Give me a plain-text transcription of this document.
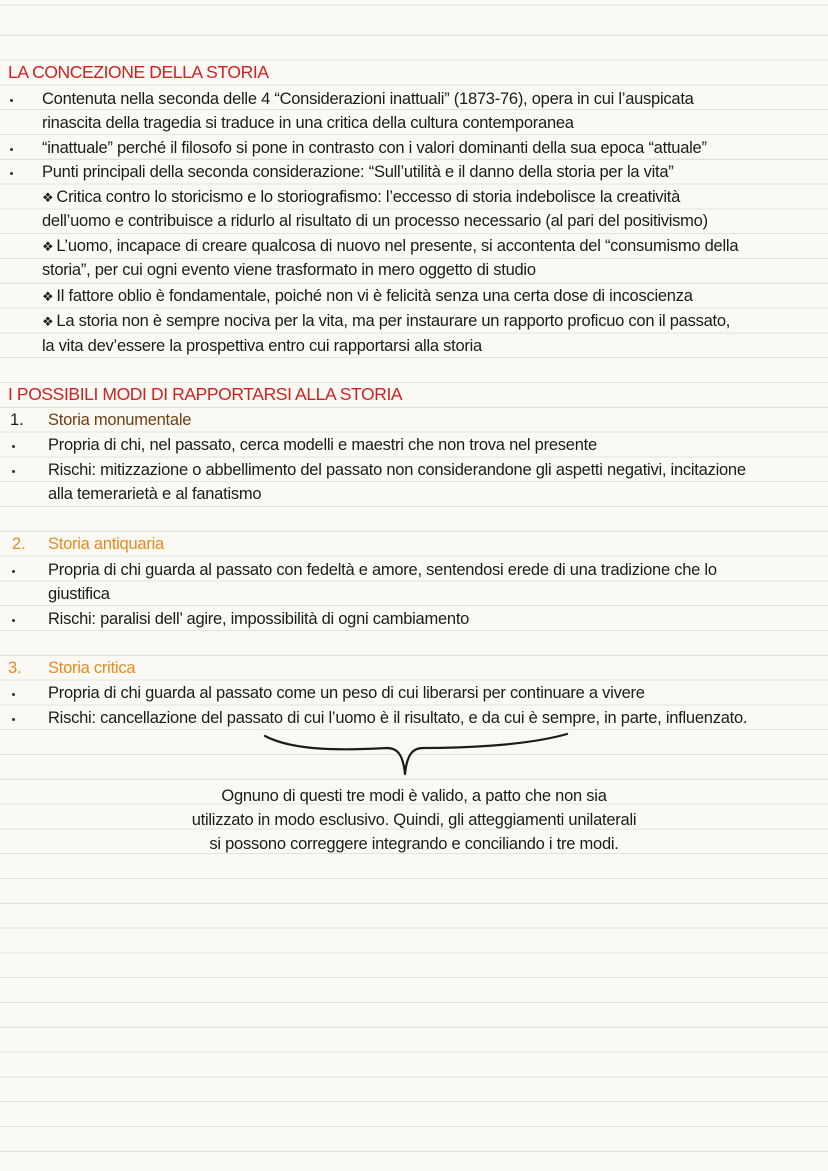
LA CONCEZIONE DELLA STORIA
Contenuta nella seconda delle 4 “Considerazioni inattuali” (1873-76), opera in cui l’auspicata
rinascita della tragedia si traduce in una critica della cultura contemporanea
“inattuale” perché il filosofo si pone in contrasto con i valori dominanti della sua epoca “attuale”
Punti principali della seconda considerazione: “Sull’utilità e il danno della storia per la vita”
❖ Critica contro lo storicismo e lo storiografismo: l’eccesso di storia indebolisce la creatività
dell’uomo e contribuisce a ridurlo al risultato di un processo necessario (al pari del positivismo)
❖ L’uomo, incapace di creare qualcosa di nuovo nel presente, si accontenta del “consumismo della
storia”, per cui ogni evento viene trasformato in mero oggetto di studio
❖ Il fattore oblio è fondamentale, poiché non vi è felicità senza una certa dose di incoscienza
❖ La storia non è sempre nociva per la vita, ma per instaurare un rapporto proficuo con il passato,
la vita dev’essere la prospettiva entro cui rapportarsi alla storia
I POSSIBILI MODI DI RAPPORTARSI ALLA STORIA
1. Storia monumentale
Propria di chi, nel passato, cerca modelli e maestri che non trova nel presente
Rischi: mitizzazione o abbellimento del passato non considerandone gli aspetti negativi, incitazione
alla temerarietà e al fanatismo
2. Storia antiquaria
Propria di chi guarda al passato con fedeltà e amore, sentendosi erede di una tradizione che lo
giustifica
Rischi: paralisi dell’ agire, impossibilità di ogni cambiamento
3. Storia critica
Propria di chi guarda al passato come un peso di cui liberarsi per continuare a vivere
Rischi: cancellazione del passato di cui l’uomo è il risultato, e da cui è sempre, in parte, influenzato.
Ognuno di questi tre modi è valido, a patto che non sia
utilizzato in modo esclusivo. Quindi, gli atteggiamenti unilaterali
si possono correggere integrando e conciliando i tre modi.
